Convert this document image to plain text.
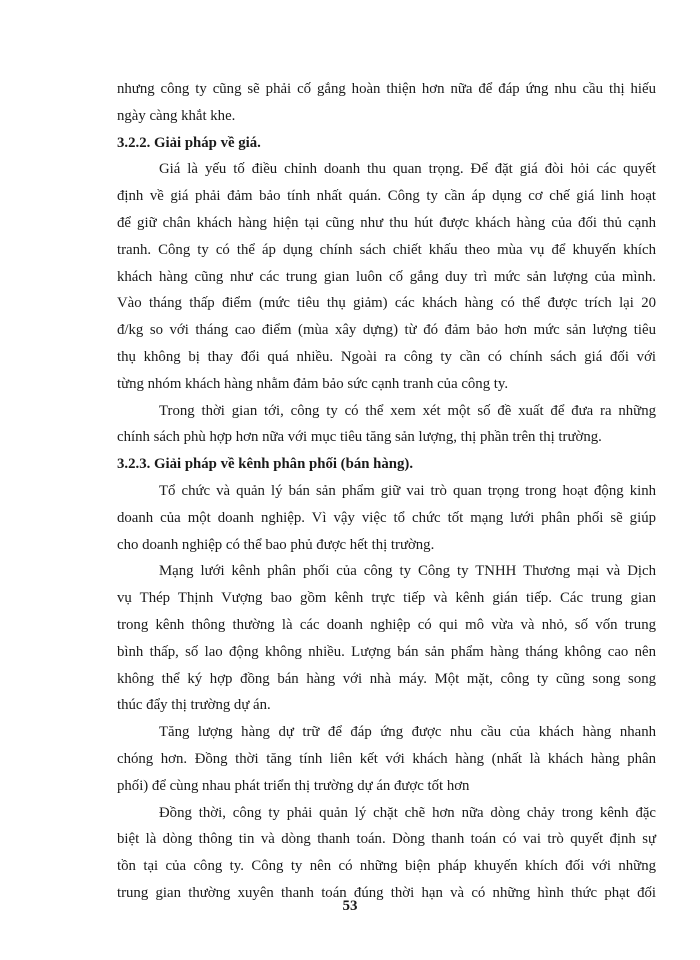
nhưng công ty cũng sẽ phải cố gắng hoàn thiện hơn nữa để đáp ứng nhu cầu thị hiếu
ngày càng khắt khe.
3.2.2. Giải pháp về giá.
Giá là yếu tố điều chỉnh doanh thu quan trọng. Để đặt giá đòi hỏi các quyết
định về giá phải đảm bảo tính nhất quán. Công ty cần áp dụng cơ chế giá linh hoạt
để giữ chân khách hàng hiện tại cũng như thu hút được khách hàng của đối thủ cạnh
tranh. Công ty có thể áp dụng chính sách chiết khấu theo mùa vụ để khuyến khích
khách hàng cũng như các trung gian luôn cố gắng duy trì mức sản lượng của mình.
Vào tháng thấp điểm (mức tiêu thụ giảm) các khách hàng có thể được trích lại 20
đ/kg so với tháng cao điểm (mùa xây dựng) từ đó đảm bảo hơn mức sản lượng tiêu
thụ không bị thay đổi quá nhiều. Ngoài ra công ty cần có chính sách giá đối với
từng nhóm khách hàng nhằm đảm bảo sức cạnh tranh của công ty.
Trong thời gian tới, công ty có thể xem xét một số đề xuất để đưa ra những
chính sách phù hợp hơn nữa với mục tiêu tăng sản lượng, thị phần trên thị trường.
3.2.3. Giải pháp về kênh phân phối (bán hàng).
Tổ chức và quản lý bán sản phẩm giữ vai trò quan trọng trong hoạt động kinh
doanh của một doanh nghiệp. Vì vậy việc tổ chức tốt mạng lưới phân phối sẽ giúp
cho doanh nghiệp có thể bao phủ được hết thị trường.
Mạng lưới kênh phân phối của công ty Công ty TNHH Thương mại và Dịch
vụ Thép Thịnh Vượng bao gồm kênh trực tiếp và kênh gián tiếp. Các trung gian
trong kênh thông thường là các doanh nghiệp có qui mô vừa và nhỏ, số vốn trung
bình thấp, số lao động không nhiều. Lượng bán sản phẩm hàng tháng không cao nên
không thể ký hợp đồng bán hàng với nhà máy. Một mặt, công ty cũng song song
thúc đẩy thị trường dự án.
Tăng lượng hàng dự trữ để đáp ứng được nhu cầu của khách hàng nhanh
chóng hơn. Đồng thời tăng tính liên kết với khách hàng (nhất là khách hàng phân
phối) để cùng nhau phát triển thị trường dự án được tốt hơn
Đồng thời, công ty phải quản lý chặt chẽ hơn nữa dòng chảy trong kênh đặc
biệt là dòng thông tin và dòng thanh toán. Dòng thanh toán có vai trò quyết định sự
tồn tại của công ty. Công ty nên có những biện pháp khuyến khích đối với những
trung gian thường xuyên thanh toán đúng thời hạn và có những hình thức phạt đối
53
